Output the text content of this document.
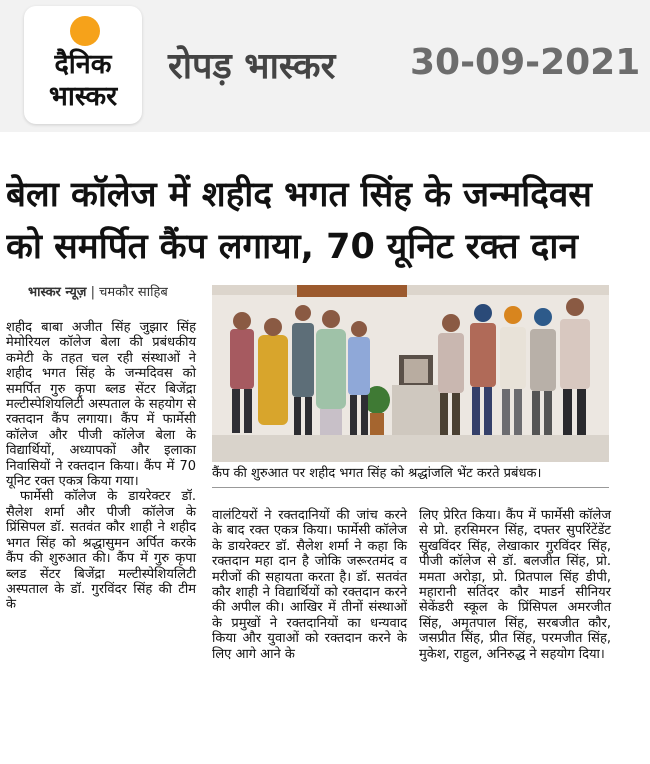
दैनिक
भास्कर
रोपड़ भास्कर 30-09-2021
बेला कॉलेज में शहीद भगत सिंह के जन्मदिवस
को समर्पित कैंप लगाया, 70 यूनिट रक्त दान
भास्कर न्यूज़ | चमकौर साहिब

शहीद बाबा अजीत सिंह जुझार सिंह मेमोरियल कॉलेज बेला की प्रबंधकीय कमेटी के तहत चल रही संस्थाओं ने शहीद भगत सिंह के जन्मदिवस को समर्पित गुरु कृपा ब्लड सेंटर बिजेंद्रा मल्टीस्पेशियलिटी अस्पताल के सहयोग से रक्तदान कैंप लगाया। कैंप में फार्मेसी कॉलेज और पीजी कॉलेज बेला के विद्यार्थियों, अध्यापकों और इलाका निवासियों ने रक्तदान किया। कैंप में 70 यूनिट रक्त एकत्र किया गया।

फार्मेसी कॉलेज के डायरेक्टर डॉ. सैलेश शर्मा और पीजी कॉलेज के प्रिंसिपल डॉ. सतवंत कौर शाही ने शहीद भगत सिंह को श्रद्धासुमन अर्पित करके कैंप की शुरुआत की। कैंप में गुरु कृपा ब्लड सेंटर बिजेंद्रा मल्टीस्पेशियलिटी अस्पताल के डॉ. गुरविंदर सिंह की टीम के

कैंप की शुरुआत पर शहीद भगत सिंह को श्रद्धांजलि भेंट करते प्रबंधक।

वालंटियरों ने रक्तदानियों की जांच करने के बाद रक्त एकत्र किया। फार्मेसी कॉलेज के डायरेक्टर डॉ. सैलेश शर्मा ने कहा कि रक्तदान महा दान है जोकि जरूरतमंद व मरीजों की सहायता करता है। डॉ. सतवंत कौर शाही ने विद्यार्थियों को रक्तदान करने की अपील की। आखिर में तीनों संस्थाओं के प्रमुखों ने रक्तदानियों का धन्यवाद किया और युवाओं को रक्तदान करने के लिए आगे आने के

लिए प्रेरित किया। कैंप में फार्मेसी कॉलेज से प्रो. हरसिमरन सिंह, दफ्तर सुपरिंटेंडेंट सुखविंदर सिंह, लेखाकार गुरविंदर सिंह, पीजी कॉलेज से डॉ. बलजीत सिंह, प्रो. ममता अरोड़ा, प्रो. प्रितपाल सिंह डीपी, महारानी सतिंदर कौर माडर्न सीनियर सेकेंडरी स्कूल के प्रिंसिपल अमरजीत सिंह, अमृतपाल सिंह, सरबजीत कौर, जसप्रीत सिंह, प्रीत सिंह, परमजीत सिंह, मुकेश, राहुल, अनिरुद्ध ने सहयोग दिया।
